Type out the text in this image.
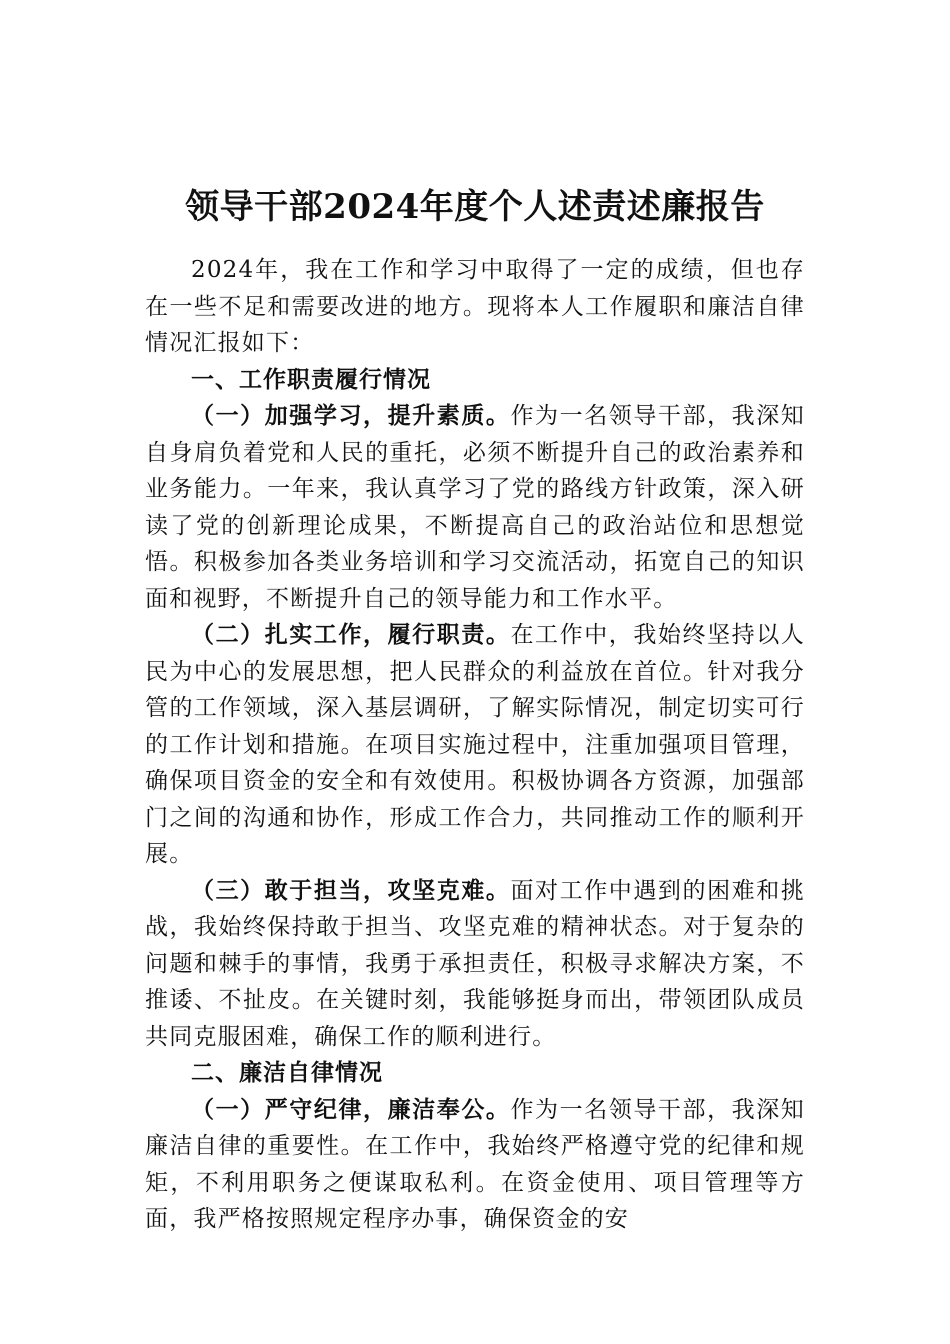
领导干部2024年度个人述责述廉报告

2024年，我在工作和学习中取得了一定的成绩，但也存在一些不足和需要改进的地方。现将本人工作履职和廉洁自律情况汇报如下：

一、工作职责履行情况

（一）加强学习，提升素质。作为一名领导干部，我深知自身肩负着党和人民的重托，必须不断提升自己的政治素养和业务能力。一年来，我认真学习了党的路线方针政策，深入研读了党的创新理论成果，不断提高自己的政治站位和思想觉悟。积极参加各类业务培训和学习交流活动，拓宽自己的知识面和视野，不断提升自己的领导能力和工作水平。

（二）扎实工作，履行职责。在工作中，我始终坚持以人民为中心的发展思想，把人民群众的利益放在首位。针对我分管的工作领域，深入基层调研，了解实际情况，制定切实可行的工作计划和措施。在项目实施过程中，注重加强项目管理，确保项目资金的安全和有效使用。积极协调各方资源，加强部门之间的沟通和协作，形成工作合力，共同推动工作的顺利开展。

（三）敢于担当，攻坚克难。面对工作中遇到的困难和挑战，我始终保持敢于担当、攻坚克难的精神状态。对于复杂的问题和棘手的事情，我勇于承担责任，积极寻求解决方案，不推诿、不扯皮。在关键时刻，我能够挺身而出，带领团队成员共同克服困难，确保工作的顺利进行。

二、廉洁自律情况

（一）严守纪律，廉洁奉公。作为一名领导干部，我深知廉洁自律的重要性。在工作中，我始终严格遵守党的纪律和规矩，不利用职务之便谋取私利。在资金使用、项目管理等方面，我严格按照规定程序办事，确保资金的安
